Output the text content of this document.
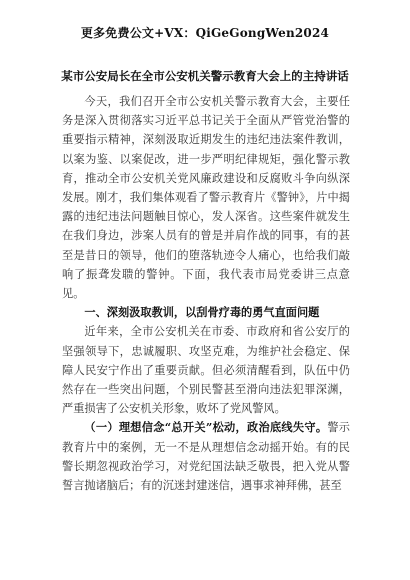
更多免费公文+VX：QiGeGongWen2024
某市公安局长在全市公安机关警示教育大会上的主持讲话

今天，我们召开全市公安机关警示教育大会，主要任务是深入贯彻落实习近平总书记关于全面从严管党治警的重要指示精神，深刻汲取近期发生的违纪违法案件教训，以案为鉴、以案促改，进一步严明纪律规矩，强化警示教育，推动全市公安机关党风廉政建设和反腐败斗争向纵深发展。刚才，我们集体观看了警示教育片《警钟》，片中揭露的违纪违法问题触目惊心，发人深省。这些案件就发生在我们身边，涉案人员有的曾是并肩作战的同事，有的甚至是昔日的领导，他们的堕落轨迹令人痛心，也给我们敲响了振聋发聩的警钟。下面，我代表市局党委讲三点意见。

一、深刻汲取教训，以刮骨疗毒的勇气直面问题

近年来，全市公安机关在市委、市政府和省公安厅的坚强领导下，忠诚履职、攻坚克难，为维护社会稳定、保障人民安宁作出了重要贡献。但必须清醒看到，队伍中仍然存在一些突出问题，个别民警甚至滑向违法犯罪深渊，严重损害了公安机关形象，败坏了党风警风。

（一）理想信念“总开关”松动，政治底线失守。警示教育片中的案例，无一不是从理想信念动摇开始。有的民警长期忽视政治学习，对党纪国法缺乏敬畏，把入党从警誓言抛诸脑后；有的沉迷封建迷信，遇事求神拜佛，甚至
